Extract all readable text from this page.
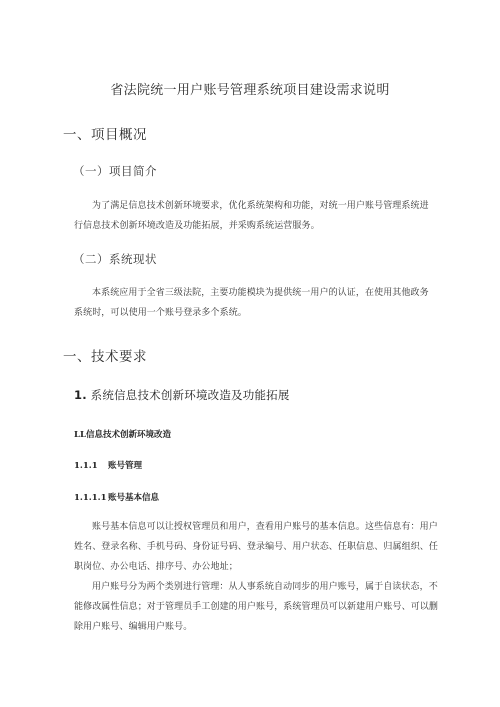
省法院统一用户账号管理系统项目建设需求说明
一、项目概况
（一）项目简介
为了满足信息技术创新环境要求，优化系统架构和功能，对统一用户账号管理系统进行信息技术创新环境改造及功能拓展，并采购系统运营服务。
（二）系统现状
本系统应用于全省三级法院，主要功能模块为提供统一用户的认证，在使用其他政务系统时，可以使用一个账号登录多个系统。
一、技术要求
1. 系统信息技术创新环境改造及功能拓展
LL信息技术创新环境改造
1.1.1 账号管理
1.1.1.1账号基本信息
账号基本信息可以让授权管理员和用户，查看用户账号的基本信息。这些信息有：用户姓名、登录名称、手机号码、身份证号码、登录编号、用户状态、任职信息、归属组织、任职岗位、办公电话、排序号、办公地址；
用户账号分为两个类别进行管理：从人事系统自动同步的用户账号，属于自读状态，不能修改属性信息；对于管理员手工创建的用户账号，系统管理员可以新建用户账号、可以删除用户账号、编辑用户账号。
